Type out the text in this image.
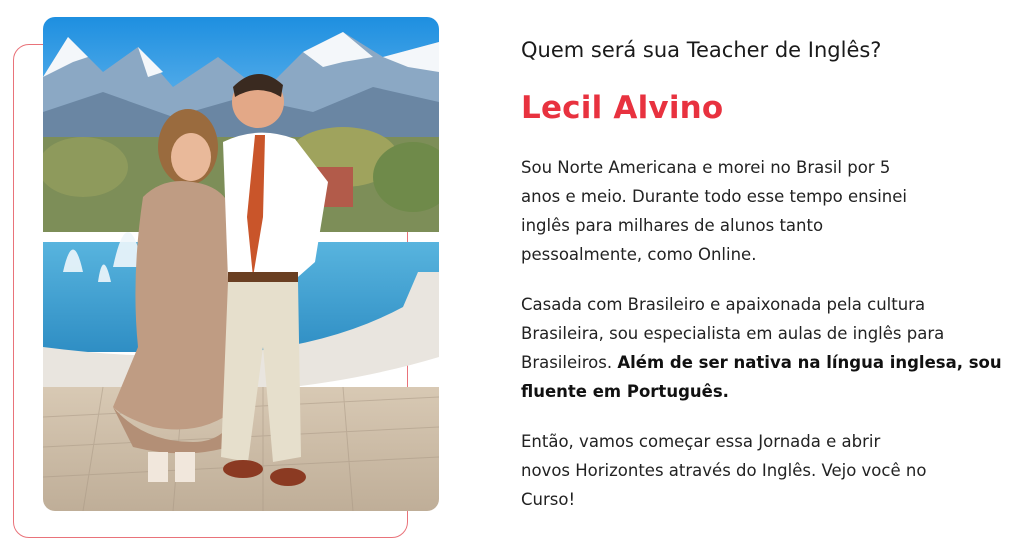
Quem será sua Teacher de Inglês?
Lecil Alvino

Sou Norte Americana e morei no Brasil por 5
anos e meio. Durante todo esse tempo ensinei
inglês para milhares de alunos tanto
pessoalmente, como Online.

Casada com Brasileiro e apaixonada pela cultura
Brasileira, sou especialista em aulas de inglês para
Brasileiros. Além de ser nativa na língua inglesa, sou
fluente em Português.

Então, vamos começar essa Jornada e abrir
novos Horizontes através do Inglês. Vejo você no
Curso!
